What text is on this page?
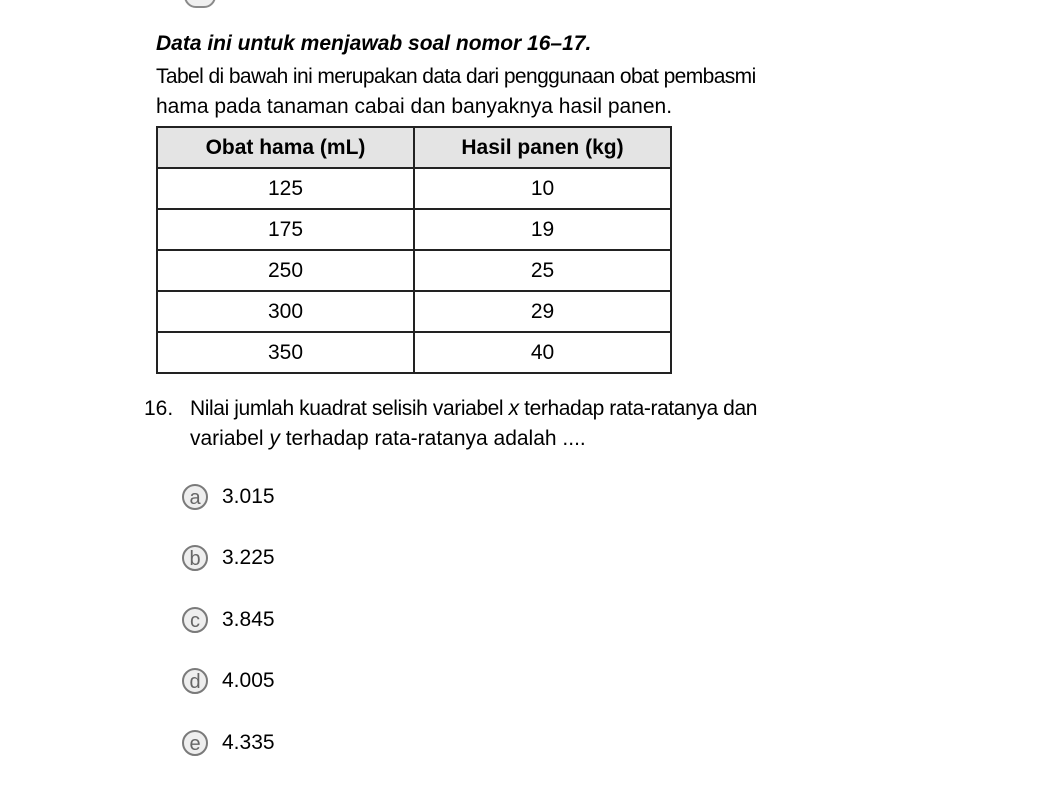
Data ini untuk menjawab soal nomor 16–17.
Tabel di bawah ini merupakan data dari penggunaan obat pembasmi
hama pada tanaman cabai dan banyaknya hasil panen.
Obat hama (mL)	Hasil panen (kg)
125	10
175	19
250	25
300	29
350	40
16. Nilai jumlah kuadrat selisih variabel x terhadap rata-ratanya dan
variabel y terhadap rata-ratanya adalah ....
a	3.015
b	3.225
c	3.845
d	4.005
e	4.335
